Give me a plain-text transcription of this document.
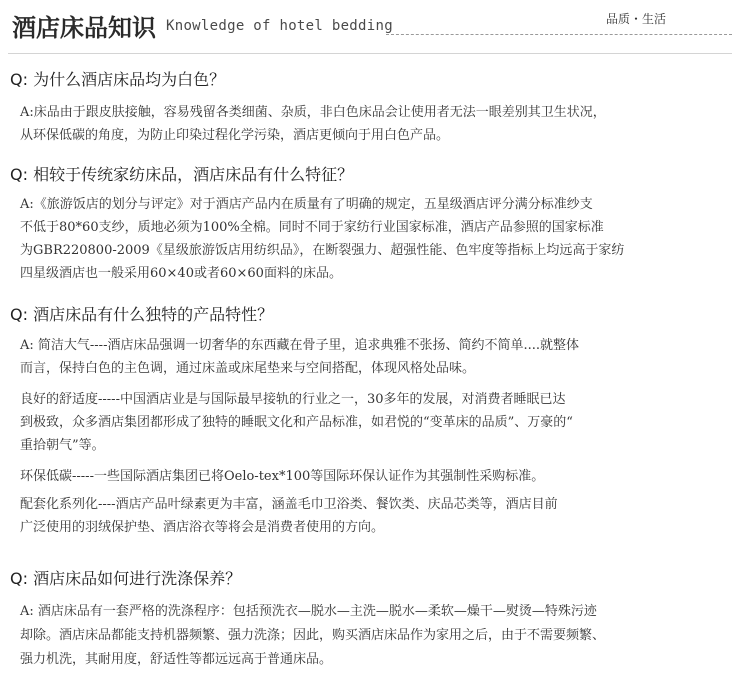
酒店床品知识 Knowledge of hotel bedding	品质・生活
Q: 为什么酒店床品均为白色？
A:床品由于跟皮肤接触，容易残留各类细菌、杂质，非白色床品会让使用者无法一眼差别其卫生状况，
从环保低碳的角度，为防止印染过程化学污染，酒店更倾向于用白色产品。
Q: 相较于传统家纺床品，酒店床品有什么特征？
A:《旅游饭店的划分与评定》对于酒店产品内在质量有了明确的规定，五星级酒店评分满分标准纱支
不低于80*60支纱，质地必须为100%全棉。同时不同于家纺行业国家标准，酒店产品参照的国家标准
为GBR220800-2009《星级旅游饭店用纺织品》，在断裂强力、超强性能、色牢度等指标上均远高于家纺
四星级酒店也一般采用60×40或者60×60面料的床品。
Q: 酒店床品有什么独特的产品特性？
A: 简洁大气----酒店床品强调一切奢华的东西藏在骨子里，追求典雅不张扬、简约不简单....就整体
而言，保持白色的主色调，通过床盖或床尾垫来与空间搭配，体现风格处品味。
良好的舒适度-----中国酒店业是与国际最早接轨的行业之一，30多年的发展，对消费者睡眠已达
到极致，众多酒店集团都形成了独特的睡眠文化和产品标准，如君悦的“变革床的品质”、万豪的“
重拾朝气”等。
环保低碳-----一些国际酒店集团已将Oelo-tex*100等国际环保认证作为其强制性采购标准。
配套化系列化----酒店产品叶绿素更为丰富，涵盖毛巾卫浴类、餐饮类、庆品芯类等，酒店目前
广泛使用的羽绒保护垫、酒店浴衣等将会是消费者使用的方向。
Q: 酒店床品如何进行洗涤保养？
A: 酒店床品有一套严格的洗涤程序：包括预洗衣—脱水—主洗—脱水—柔软—燥干—熨烫—特殊污迹
却除。酒店床品都能支持机器频繁、强力洗涤；因此，购买酒店床品作为家用之后，由于不需要频繁、
强力机洗，其耐用度，舒适性等都远远高于普通床品。
